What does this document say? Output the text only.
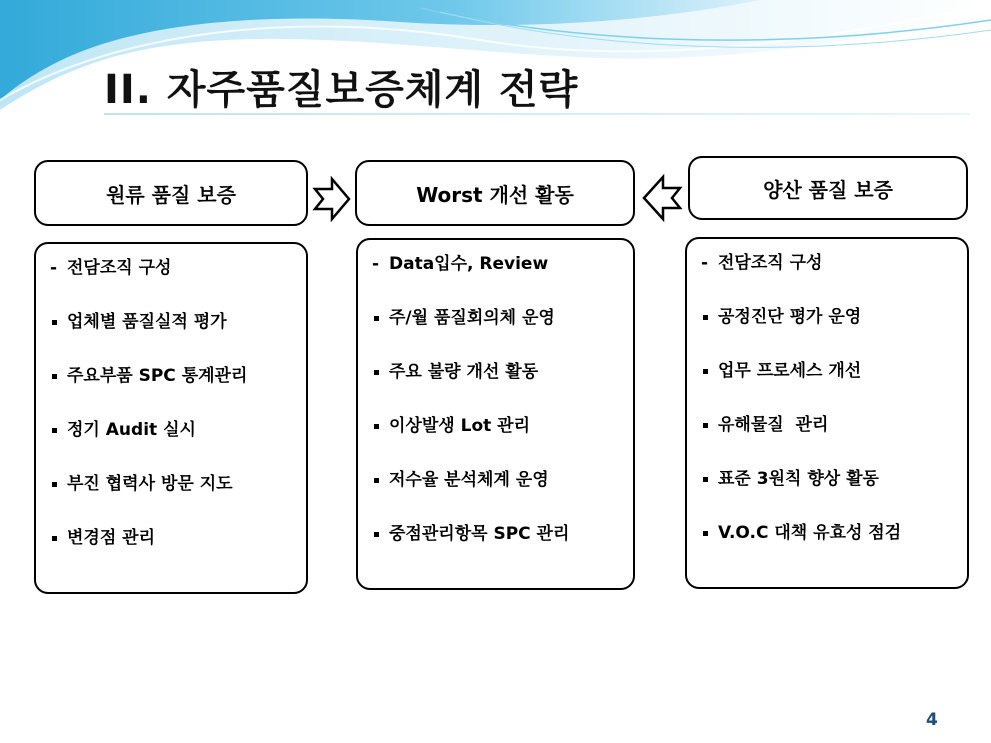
II. 자주품질보증체계 전략
원류 품질 보증	Worst 개선 활동	양산 품질 보증
- 전담조직 구성
업체별 품질실적 평가
주요부품 SPC 통계관리
정기 Audit 실시
부진 협력사 방문 지도
변경점 관리
- Data입수, Review
주/월 품질회의체 운영
주요 불량 개선 활동
이상발생 Lot 관리
저수율 분석체계 운영
중점관리항목 SPC 관리
- 전담조직 구성
공정진단 평가 운영
업무 프로세스 개선
유해물질  관리
표준 3원칙 향상 활동
V.O.C 대책 유효성 점검
4
